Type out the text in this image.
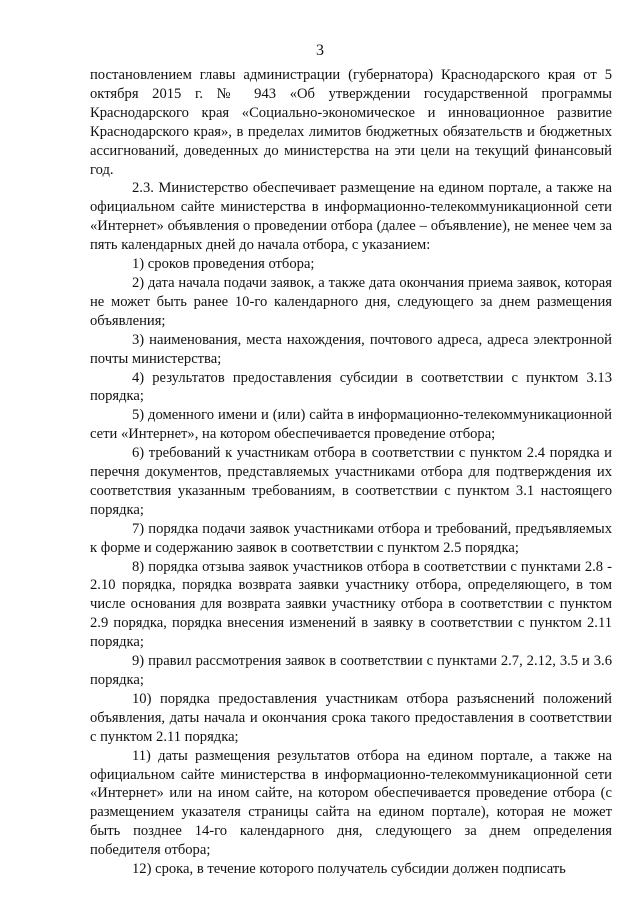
3

постановлением главы администрации (губернатора) Краснодарского края от 5 октября 2015 г. № 943 «Об утверждении государственной программы Краснодарского края «Социально-экономическое и инновационное развитие Краснодарского края», в пределах лимитов бюджетных обязательств и бюджетных ассигнований, доведенных до министерства на эти цели на текущий финансовый год.

2.3. Министерство обеспечивает размещение на едином портале, а также на официальном сайте министерства в информационно-телекоммуникационной сети «Интернет» объявления о проведении отбора (далее – объявление), не менее чем за пять календарных дней до начала отбора, с указанием:

1) сроков проведения отбора;

2) дата начала подачи заявок, а также дата окончания приема заявок, которая не может быть ранее 10-го календарного дня, следующего за днем размещения объявления;

3) наименования, места нахождения, почтового адреса, адреса электронной почты министерства;

4) результатов предоставления субсидии в соответствии с пунктом 3.13 порядка;

5) доменного имени и (или) сайта в информационно-телекоммуникационной сети «Интернет», на котором обеспечивается проведение отбора;

6) требований к участникам отбора в соответствии с пунктом 2.4 порядка и перечня документов, представляемых участниками отбора для подтверждения их соответствия указанным требованиям, в соответствии с пунктом 3.1 настоящего порядка;

7) порядка подачи заявок участниками отбора и требований, предъявляемых к форме и содержанию заявок в соответствии с пунктом 2.5 порядка;

8) порядка отзыва заявок участников отбора в соответствии с пунктами 2.8 - 2.10 порядка, порядка возврата заявки участнику отбора, определяющего, в том числе основания для возврата заявки участнику отбора в соответствии с пунктом 2.9 порядка, порядка внесения изменений в заявку в соответствии с пунктом 2.11 порядка;

9) правил рассмотрения заявок в соответствии с пунктами 2.7, 2.12, 3.5 и 3.6 порядка;

10) порядка предоставления участникам отбора разъяснений положений объявления, даты начала и окончания срока такого предоставления в соответствии с пунктом 2.11 порядка;

11) даты размещения результатов отбора на едином портале, а также на официальном сайте министерства в информационно-телекоммуникационной сети «Интернет» или на ином сайте, на котором обеспечивается проведение отбора (с размещением указателя страницы сайта на едином портале), которая не может быть позднее 14-го календарного дня, следующего за днем определения победителя отбора;

12) срока, в течение которого получатель субсидии должен подписать
